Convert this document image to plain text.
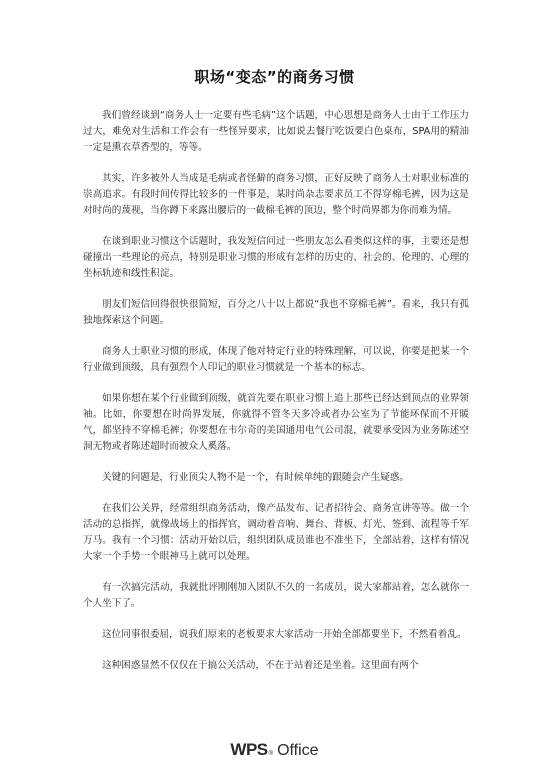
职场“变态”的商务习惯

我们曾经谈到“商务人士一定要有些毛病”这个话题，中心思想是商务人士由于工作压力过大，难免对生活和工作会有一些怪异要求，比如说去餐厅吃饭要白色桌布，SPA用的精油一定是熏衣草香型的，等等。

其实，许多被外人当成是毛病或者怪僻的商务习惯，正好反映了商务人士对职业标准的崇高追求。有段时间传得比较多的一件事是，某时尚杂志要求员工不得穿棉毛裤，因为这是对时尚的蔑视，当你蹲下来露出腰后的一截棉毛裤的顶边，整个时尚界都为你而难为情。

在谈到职业习惯这个话题时，我发短信问过一些朋友怎么看类似这样的事，主要还是想碰撞出一些理论的亮点，特别是职业习惯的形成有怎样的历史的、社会的、伦理的、心理的坐标轨迹和线性积淀。

朋友们短信回得很快很简短，百分之八十以上都说“我也不穿棉毛裤”。看来，我只有孤独地探索这个问题。

商务人士职业习惯的形成，体现了他对特定行业的特殊理解，可以说，你要是把某一个行业做到顶级，具有强烈个人印记的职业习惯就是一个基本的标志。

如果你想在某个行业做到顶级，就首先要在职业习惯上追上那些已经达到顶点的业界领袖。比如，你要想在时尚界发展，你就得不管冬天多冷或者办公室为了节能环保而不开暖气，都坚持不穿棉毛裤；你要想在韦尔奇的美国通用电气公司混，就要承受因为业务陈述空洞无物或者陈述超时而被众人奚落。

关键的问题是，行业顶尖人物不是一个，有时候单纯的跟随会产生疑惑。

在我们公关界，经常组织商务活动，像产品发布、记者招待会、商务宣讲等等。做一个活动的总指挥，就像战场上的指挥官，调动着音响、舞台、背板、灯光、签到、流程等千军万马。我有一个习惯：活动开始以后，组织团队成员谁也不准坐下，全部站着，这样有情况大家一个手势一个眼神马上就可以处理。

有一次搞完活动，我就批评刚刚加入团队不久的一名成员，说大家都站着，怎么就你一个人坐下了。

这位同事很委屈，说我们原来的老板要求大家活动一开始全部都要坐下，不然看着乱。

这种困惑显然不仅仅在于搞公关活动，不在于站着还是坐着。这里面有两个

WPS ® Office
